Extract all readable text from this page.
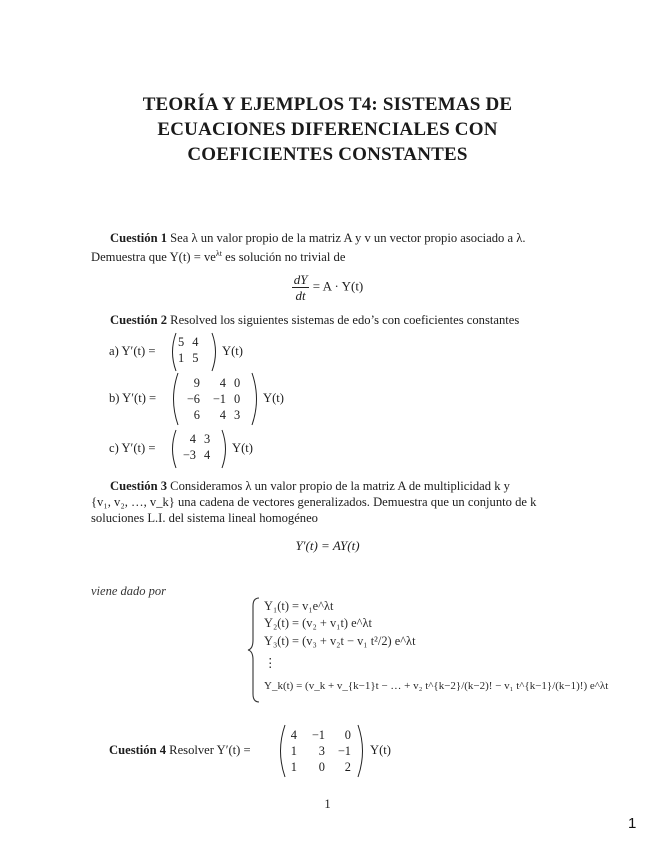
TEORÍA Y EJEMPLOS T4: SISTEMAS DE
ECUACIONES DIFERENCIALES CON
COEFICIENTES CONSTANTES
Cuestión 1 Sea λ un valor propio de la matriz A y v un vector propio asociado a λ.
Demuestra que $Y(t) = ve^{\lambda t}$ es solución no trivial de
$\frac{dY}{dt} = A \cdot Y(t)$
Cuestión 2 Resolved los siguientes sistemas de edo’s con coeficientes constantes
a) Y′(t) =
5	4
1	5 Y(t)
b) Y′(t) =
9	4	0
−6	−1	0
6	4	3
Y(t)
c) Y′(t) =
4	3
−3	4 Y(t)
Cuestión 3 Consideramos λ un valor propio de la matriz A de multiplicidad k y
{v₁, v₂, …, v_k} una cadena de vectores generalizados. Demuestra que un conjunto de k
soluciones L.I. del sistema lineal homogéneo
Y′(t) = AY(t)
viene dado por
Y₁(t) = v₁e^λt
Y₂(t) = (v₂ + v₁t) e^λt
Y₃(t) = (v₃ + v₂t − v₁ t²/2) e^λt
⋮
Y_k(t) = (v_k + v_{k−1}t − … + v₂ t^{k−2}/(k−2)! − v₁ t^{k−1}/(k−1)!) e^λt
Cuestión 4 Resolver Y′(t) =
4	−1	0
1	3	−1
1	0	2
Y(t)
1
1
